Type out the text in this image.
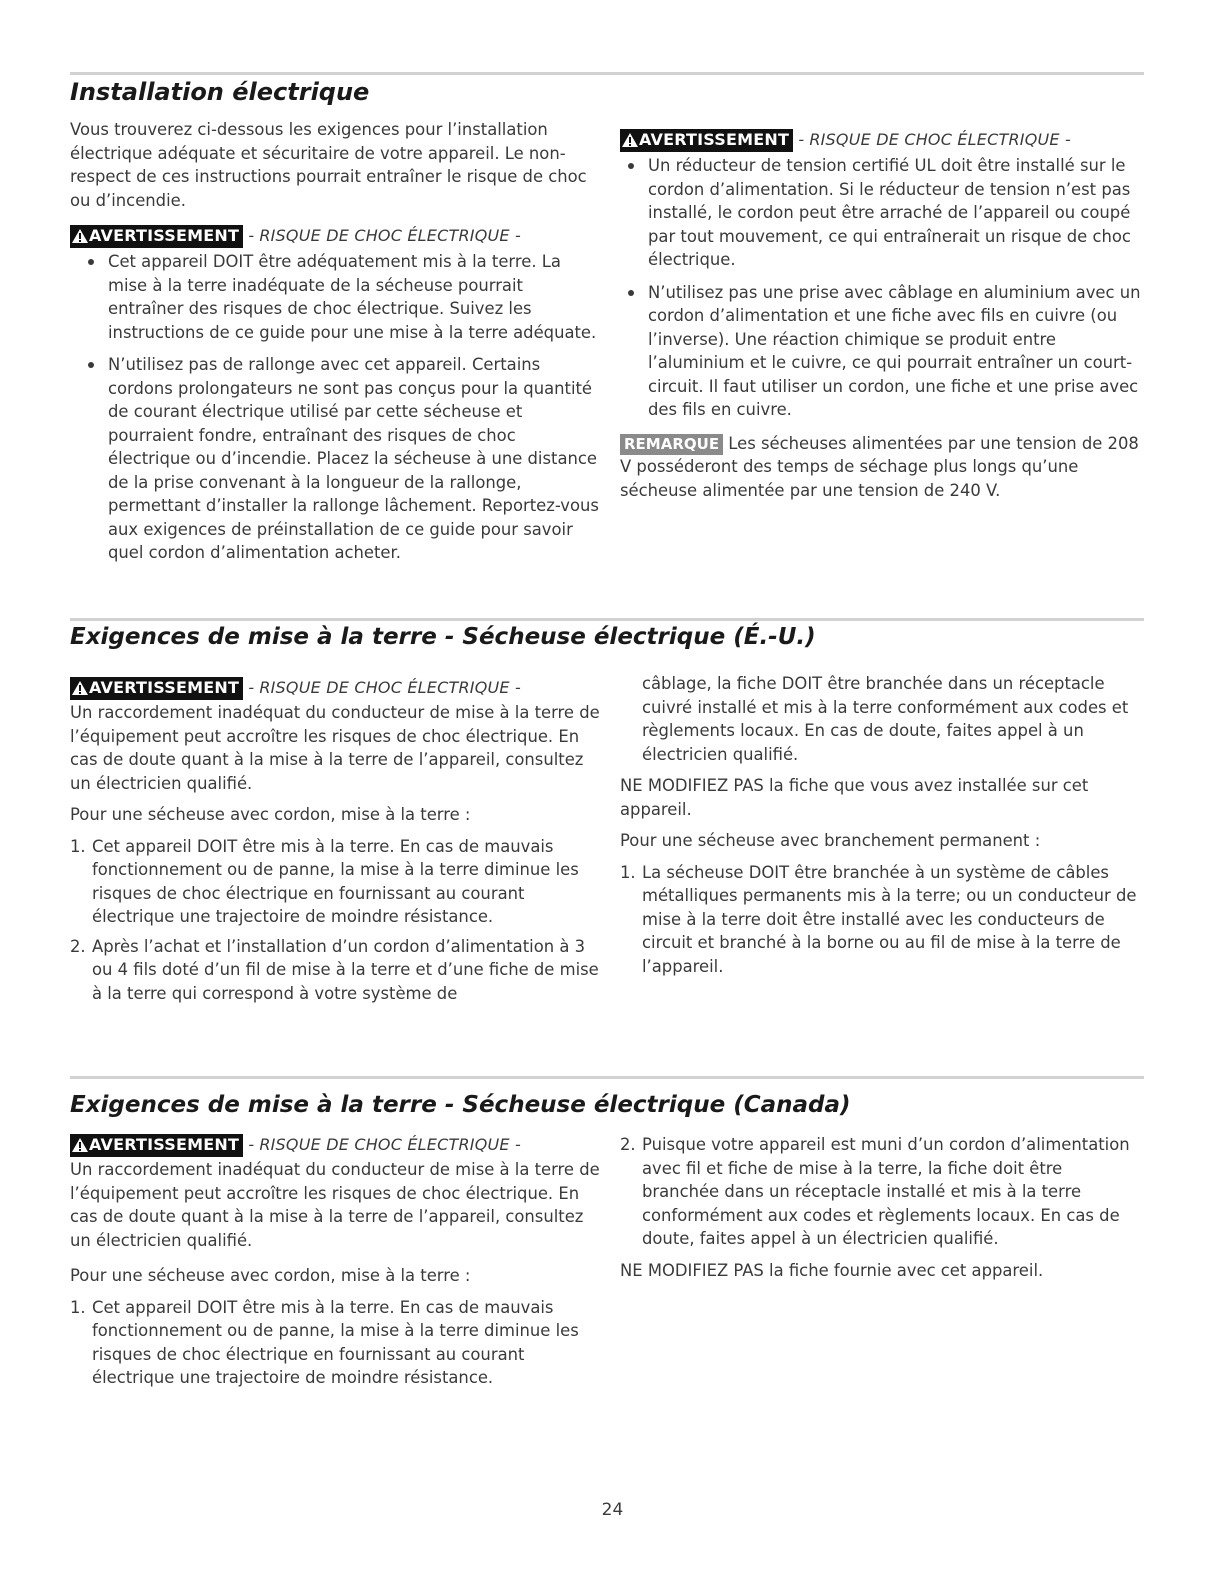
Installation électrique

Vous trouverez ci-dessous les exigences pour l’installation électrique adéquate et sécuritaire de votre appareil. Le non-respect de ces instructions pourrait entraîner le risque de choc ou d’incendie.

AVERTISSEMENT - RISQUE DE CHOC ÉLECTRIQUE -
Cet appareil DOIT être adéquatement mis à la terre. La mise à la terre inadéquate de la sécheuse pourrait entraîner des risques de choc électrique. Suivez les instructions de ce guide pour une mise à la terre adéquate.
N’utilisez pas de rallonge avec cet appareil. Certains cordons prolongateurs ne sont pas conçus pour la quantité de courant électrique utilisé par cette sécheuse et pourraient fondre, entraînant des risques de choc électrique ou d’incendie. Placez la sécheuse à une distance de la prise convenant à la longueur de la rallonge, permettant d’installer la rallonge lâchement. Reportez-vous aux exigences de préinstallation de ce guide pour savoir quel cordon d’alimentation acheter.
AVERTISSEMENT - RISQUE DE CHOC ÉLECTRIQUE -
Un réducteur de tension certifié UL doit être installé sur le cordon d’alimentation. Si le réducteur de tension n’est pas installé, le cordon peut être arraché de l’appareil ou coupé par tout mouvement, ce qui entraînerait un risque de choc électrique.
N’utilisez pas une prise avec câblage en aluminium avec un cordon d’alimentation et une fiche avec fils en cuivre (ou l’inverse). Une réaction chimique se produit entre l’aluminium et le cuivre, ce qui pourrait entraîner un court-circuit. Il faut utiliser un cordon, une fiche et une prise avec des fils en cuivre.

REMARQUE Les sécheuses alimentées par une tension de 208 V posséderont des temps de séchage plus longs qu’une sécheuse alimentée par une tension de 240 V.

Exigences de mise à la terre - Sécheuse électrique (É.-U.)
AVERTISSEMENT - RISQUE DE CHOC ÉLECTRIQUE -

Un raccordement inadéquat du conducteur de mise à la terre de l’équipement peut accroître les risques de choc électrique. En cas de doute quant à la mise à la terre de l’appareil, consultez un électricien qualifié.

Pour une sécheuse avec cordon, mise à la terre :

1. Cet appareil DOIT être mis à la terre. En cas de mauvais fonctionnement ou de panne, la mise à la terre diminue les risques de choc électrique en fournissant au courant électrique une trajectoire de moindre résistance.
2. Après l’achat et l’installation d’un cordon d’alimentation à 3 ou 4 fils doté d’un fil de mise à la terre et d’une fiche de mise à la terre qui correspond à votre système de

câblage, la fiche DOIT être branchée dans un réceptacle cuivré installé et mis à la terre conformément aux codes et règlements locaux. En cas de doute, faites appel à un électricien qualifié.

NE MODIFIEZ PAS la fiche que vous avez installée sur cet appareil.

Pour une sécheuse avec branchement permanent :

1. La sécheuse DOIT être branchée à un système de câbles métalliques permanents mis à la terre; ou un conducteur de mise à la terre doit être installé avec les conducteurs de circuit et branché à la borne ou au fil de mise à la terre de l’appareil.
Exigences de mise à la terre - Sécheuse électrique (Canada)
AVERTISSEMENT - RISQUE DE CHOC ÉLECTRIQUE -

Un raccordement inadéquat du conducteur de mise à la terre de l’équipement peut accroître les risques de choc électrique. En cas de doute quant à la mise à la terre de l’appareil, consultez un électricien qualifié.

Pour une sécheuse avec cordon, mise à la terre :

1. Cet appareil DOIT être mis à la terre. En cas de mauvais fonctionnement ou de panne, la mise à la terre diminue les risques de choc électrique en fournissant au courant électrique une trajectoire de moindre résistance.
2. Puisque votre appareil est muni d’un cordon d’alimentation avec fil et fiche de mise à la terre, la fiche doit être branchée dans un réceptacle installé et mis à la terre conformément aux codes et règlements locaux. En cas de doute, faites appel à un électricien qualifié.

NE MODIFIEZ PAS la fiche fournie avec cet appareil.

24
